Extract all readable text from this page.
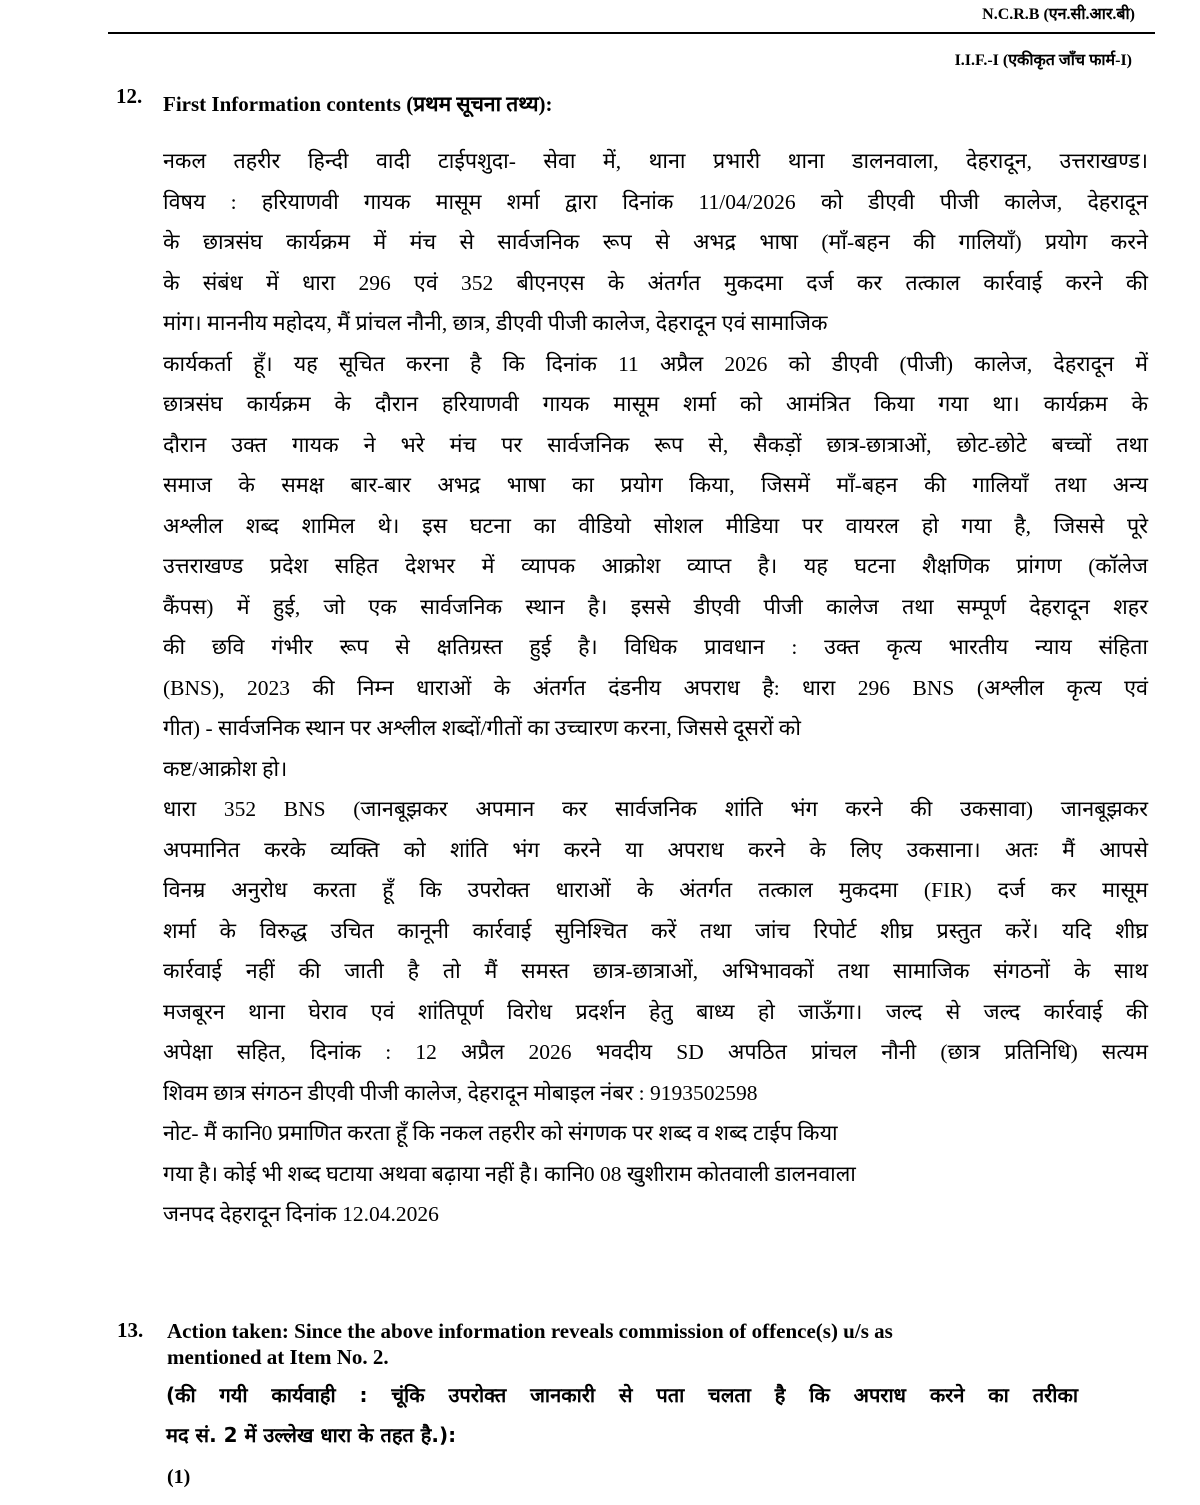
N.C.R.B (एन.सी.आर.बी)
I.I.F.-I (एकीकृत जाँच फार्म-I)
12. First Information contents (प्रथम सूचना तथ्य):
नकल तहरीर हिन्दी वादी टाईपशुदा- सेवा में, थाना प्रभारी थाना डालनवाला, देहरादून, उत्तराखण्ड।
विषय : हरियाणवी गायक मासूम शर्मा द्वारा दिनांक 11/04/2026 को डीएवी पीजी कालेज, देहरादून
के छात्रसंघ कार्यक्रम में मंच से सार्वजनिक रूप से अभद्र भाषा (माँ-बहन की गालियाँ) प्रयोग करने
के संबंध में धारा 296 एवं 352 बीएनएस के अंतर्गत मुकदमा दर्ज कर तत्काल कार्रवाई करने की
मांग। माननीय महोदय, मैं प्रांचल नौनी, छात्र, डीएवी पीजी कालेज, देहरादून एवं सामाजिक
कार्यकर्ता हूँ। यह सूचित करना है कि दिनांक 11 अप्रैल 2026 को डीएवी (पीजी) कालेज, देहरादून में
छात्रसंघ कार्यक्रम के दौरान हरियाणवी गायक मासूम शर्मा को आमंत्रित किया गया था। कार्यक्रम के
दौरान उक्त गायक ने भरे मंच पर सार्वजनिक रूप से, सैकड़ों छात्र-छात्राओं, छोट-छोटे बच्चों तथा
समाज के समक्ष बार-बार अभद्र भाषा का प्रयोग किया, जिसमें माँ-बहन की गालियाँ तथा अन्य
अश्लील शब्द शामिल थे। इस घटना का वीडियो सोशल मीडिया पर वायरल हो गया है, जिससे पूरे
उत्तराखण्ड प्रदेश सहित देशभर में व्यापक आक्रोश व्याप्त है। यह घटना शैक्षणिक प्रांगण (कॉलेज
कैंपस) में हुई, जो एक सार्वजनिक स्थान है। इससे डीएवी पीजी कालेज तथा सम्पूर्ण देहरादून शहर
की छवि गंभीर रूप से क्षतिग्रस्त हुई है। विधिक प्रावधान : उक्त कृत्य भारतीय न्याय संहिता
(BNS), 2023 की निम्न धाराओं के अंतर्गत दंडनीय अपराध है: धारा 296 BNS (अश्लील कृत्य एवं
गीत) - सार्वजनिक स्थान पर अश्लील शब्दों/गीतों का उच्चारण करना, जिससे दूसरों को
कष्ट/आक्रोश हो।
धारा 352 BNS (जानबूझकर अपमान कर सार्वजनिक शांति भंग करने की उकसावा) जानबूझकर
अपमानित करके व्यक्ति को शांति भंग करने या अपराध करने के लिए उकसाना। अतः मैं आपसे
विनम्र अनुरोध करता हूँ कि उपरोक्त धाराओं के अंतर्गत तत्काल मुकदमा (FIR) दर्ज कर मासूम
शर्मा के विरुद्ध उचित कानूनी कार्रवाई सुनिश्चित करें तथा जांच रिपोर्ट शीघ्र प्रस्तुत करें। यदि शीघ्र
कार्रवाई नहीं की जाती है तो मैं समस्त छात्र-छात्राओं, अभिभावकों तथा सामाजिक संगठनों के साथ
मजबूरन थाना घेराव एवं शांतिपूर्ण विरोध प्रदर्शन हेतु बाध्य हो जाऊँगा। जल्द से जल्द कार्रवाई की
अपेक्षा सहित, दिनांक : 12 अप्रैल 2026 भवदीय SD अपठित प्रांचल नौनी (छात्र प्रतिनिधि) सत्यम
शिवम छात्र संगठन डीएवी पीजी कालेज, देहरादून मोबाइल नंबर : 9193502598
नोट- मैं कानि0 प्रमाणित करता हूँ कि नकल तहरीर को संगणक पर शब्द व शब्द टाईप किया
गया है। कोई भी शब्द घटाया अथवा बढ़ाया नहीं है। कानि0 08 खुशीराम कोतवाली डालनवाला
जनपद देहरादून दिनांक 12.04.2026
13. Action taken: Since the above information reveals commission of offence(s) u/s as
mentioned at Item No. 2.
(की गयी कार्यवाही : चूंकि उपरोक्त जानकारी से पता चलता है कि अपराध करने का तरीका
मद सं. 2 में उल्लेख धारा के तहत है.):
(1)
